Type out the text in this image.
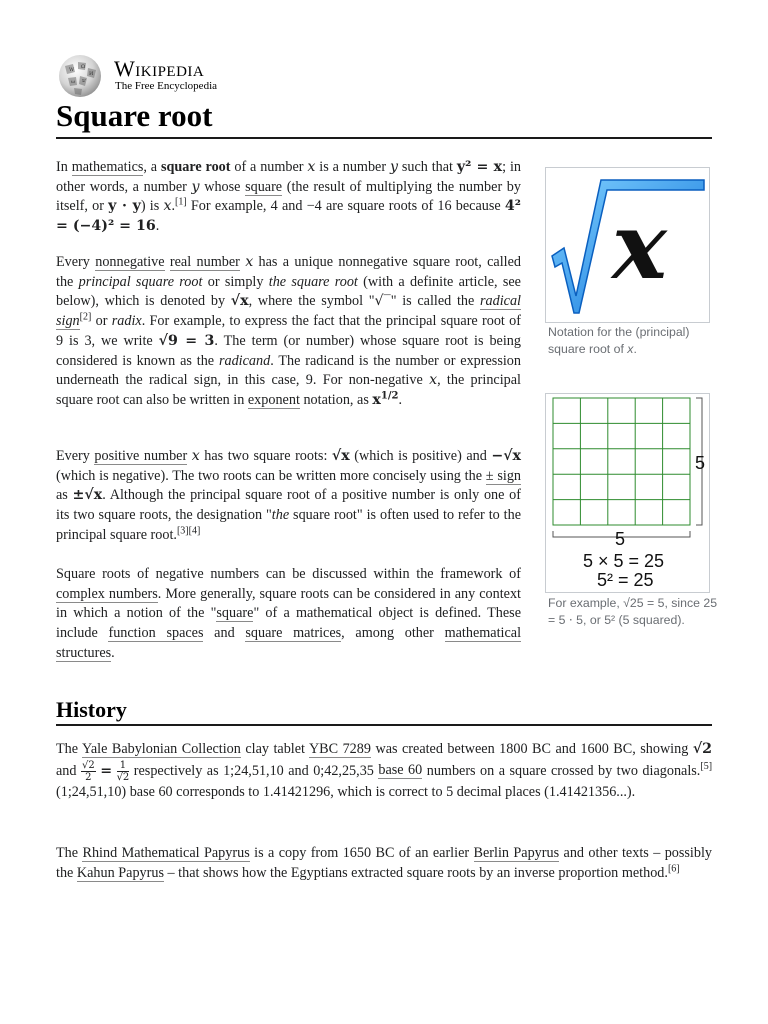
W Ω
И
ω ש Wikipedia
The Free Encyclopedia
Square root

In mathematics, a square root of a number x is a number y such that y² = x; in other words, a number y whose square (the result of multiplying the number by itself, or y · y) is x.[1] For example, 4 and −4 are square roots of 16 because 4² = (−4)² = 16.

Every nonnegative real number x has a unique nonnegative square root, called the principal square root or simply the square root (with a definite article, see below), which is denoted by √x, where the symbol "√‾" is called the radical sign[2] or radix. For example, to express the fact that the principal square root of 9 is 3, we write √9 = 3. The term (or number) whose square root is being considered is known as the radicand. The radicand is the number or expression underneath the radical sign, in this case, 9. For non-negative x, the principal square root can also be written in exponent notation, as $x^{1/2}$.

Every positive number x has two square roots: √x (which is positive) and −√x (which is negative). The two roots can be written more concisely using the ± sign as ±√x. Although the principal square root of a positive number is only one of its two square roots, the designation "the square root" is often used to refer to the principal square root.[3][4]

Square roots of negative numbers can be discussed within the framework of complex numbers. More generally, square roots can be considered in any context in which a notion of the "square" of a mathematical object is defined. These include function spaces and square matrices, among other mathematical structures.

x
Notation for the (principal) square root of x.
5
5
5 × 5 = 25
5² = 25
For example, √25 = 5, since 25 = 5 ⋅ 5, or 5² (5 squared).
History

The Yale Babylonian Collection clay tablet YBC 7289 was created between 1800 BC and 1600 BC, showing √2 and $\frac{√2}{2} = \frac{1}{√2}$ respectively as 1;24,51,10 and 0;42,25,35 base 60 numbers on a square crossed by two diagonals.[5] (1;24,51,10) base 60 corresponds to 1.41421296, which is correct to 5 decimal places (1.41421356...).

The Rhind Mathematical Papyrus is a copy from 1650 BC of an earlier Berlin Papyrus and other texts – possibly the Kahun Papyrus – that shows how the Egyptians extracted square roots by an inverse proportion method.[6]
